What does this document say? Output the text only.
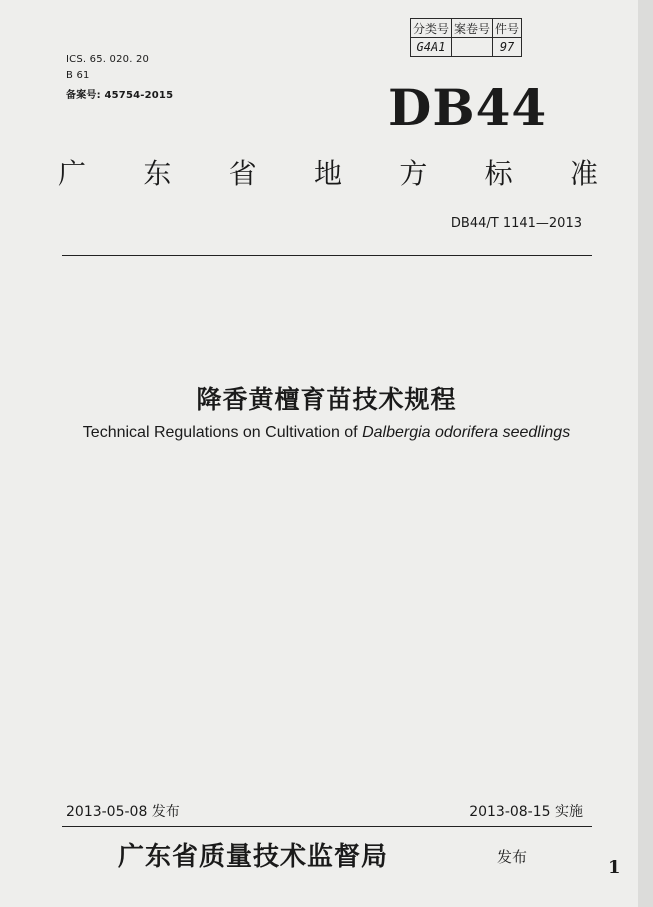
分类号	案卷号	件号
G4A1		97
ICS. 65. 020. 20
B 61
备案号: 45754-2015	DB44
广 东 省 地 方 标 准
DB44/T 1141—2013
降香黄檀育苗技术规程
Technical Regulations on Cultivation of Dalbergia odorifera seedlings
2013-05-08 发布	2013-08-15 实施
广东省质量技术监督局	发布	1
